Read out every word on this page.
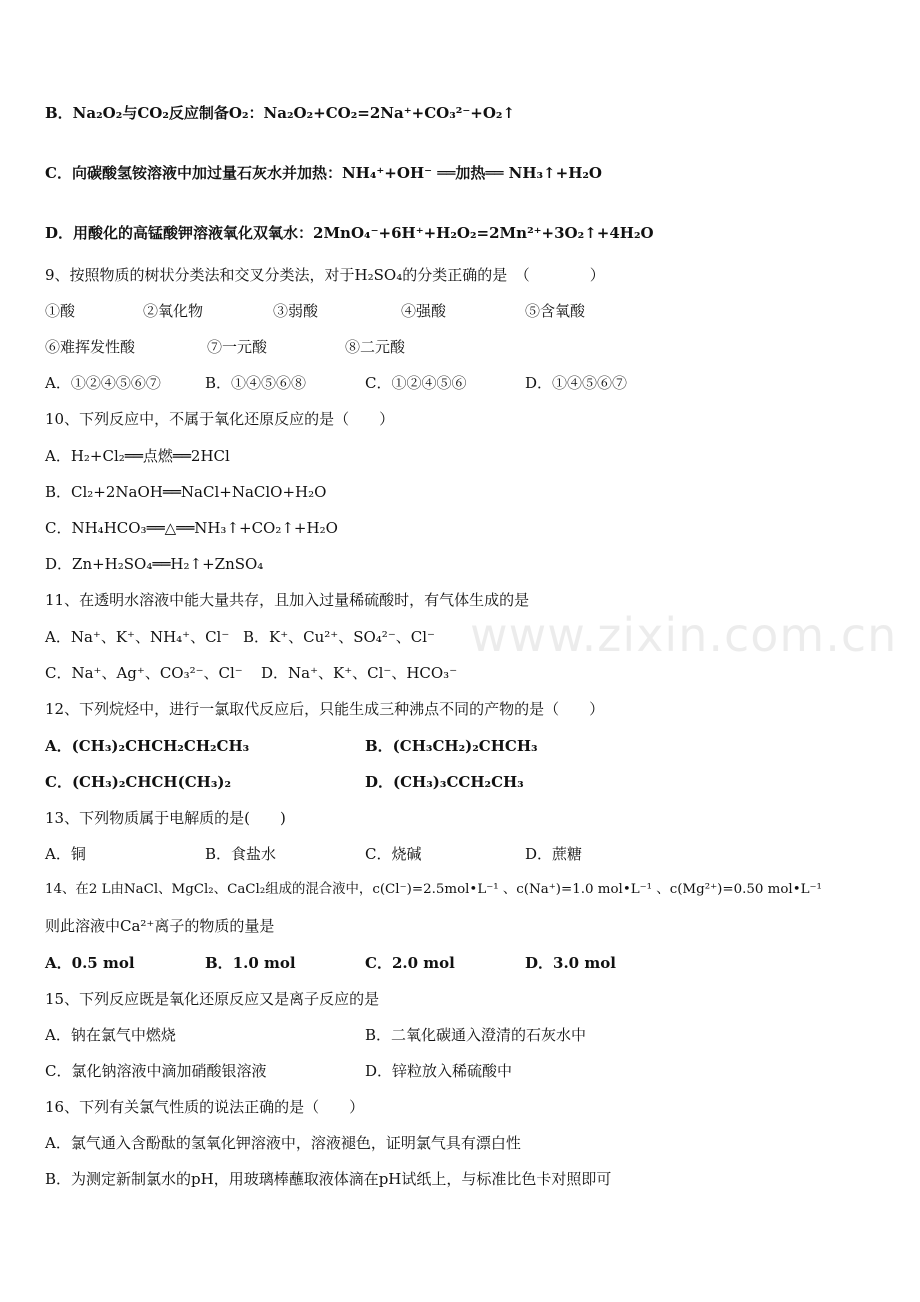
B．Na₂O₂与CO₂反应制备O₂：Na₂O₂+CO₂=2Na⁺+CO₃²⁻+O₂↑
C．向碳酸氢铵溶液中加过量石灰水并加热：NH₄⁺+OH⁻ ══加热══ NH₃↑+H₂O
D．用酸化的高锰酸钾溶液氧化双氧水：2MnO₄⁻+6H⁺+H₂O₂=2Mn²⁺+3O₂↑+4H₂O
9、按照物质的树状分类法和交叉分类法，对于H₂SO₄的分类正确的是　（　　　　）
①酸	②氧化物	③弱酸	④强酸	⑤含氧酸
⑥难挥发性酸	⑦一元酸	⑧二元酸
A．①②④⑤⑥⑦	B．①④⑤⑥⑧	C．①②④⑤⑥	D．①④⑤⑥⑦
10、下列反应中，不属于氧化还原反应的是（　　）
A．H₂+Cl₂══点燃══2HCl
B．Cl₂+2NaOH══NaCl+NaClO+H₂O
C．NH₄HCO₃══△══NH₃↑+CO₂↑+H₂O
D．Zn+H₂SO₄══H₂↑+ZnSO₄
11、在透明水溶液中能大量共存，且加入过量稀硫酸时，有气体生成的是
A．Na⁺、K⁺、NH₄⁺、Cl⁻ B．K⁺、Cu²⁺、SO₄²⁻、Cl⁻
C．Na⁺、Ag⁺、CO₃²⁻、Cl⁻ D．Na⁺、K⁺、Cl⁻、HCO₃⁻
12、下列烷烃中，进行一氯取代反应后，只能生成三种沸点不同的产物的是（　　）
A．(CH₃)₂CHCH₂CH₂CH₃	B．(CH₃CH₂)₂CHCH₃
C．(CH₃)₂CHCH(CH₃)₂	D．(CH₃)₃CCH₂CH₃
13、下列物质属于电解质的是(　　)
A．铜	B．食盐水	C．烧碱	D．蔗糖
14、在2 L由NaCl、MgCl₂、CaCl₂组成的混合液中，c(Cl⁻)=2.5mol•L⁻¹ 、c(Na⁺)=1.0 mol•L⁻¹ 、c(Mg²⁺)=0.50 mol•L⁻¹
则此溶液中Ca²⁺离子的物质的量是
A．0.5 mol	B．1.0 mol	C．2.0 mol	D．3.0 mol
15、下列反应既是氧化还原反应又是离子反应的是
A．钠在氯气中燃烧	B．二氧化碳通入澄清的石灰水中
C．氯化钠溶液中滴加硝酸银溶液	D．锌粒放入稀硫酸中
16、下列有关氯气性质的说法正确的是（　　）
A．氯气通入含酚酞的氢氧化钾溶液中，溶液褪色，证明氯气具有漂白性
B．为测定新制氯水的pH，用玻璃棒蘸取液体滴在pH试纸上，与标准比色卡对照即可
www.zixin.com.cn
